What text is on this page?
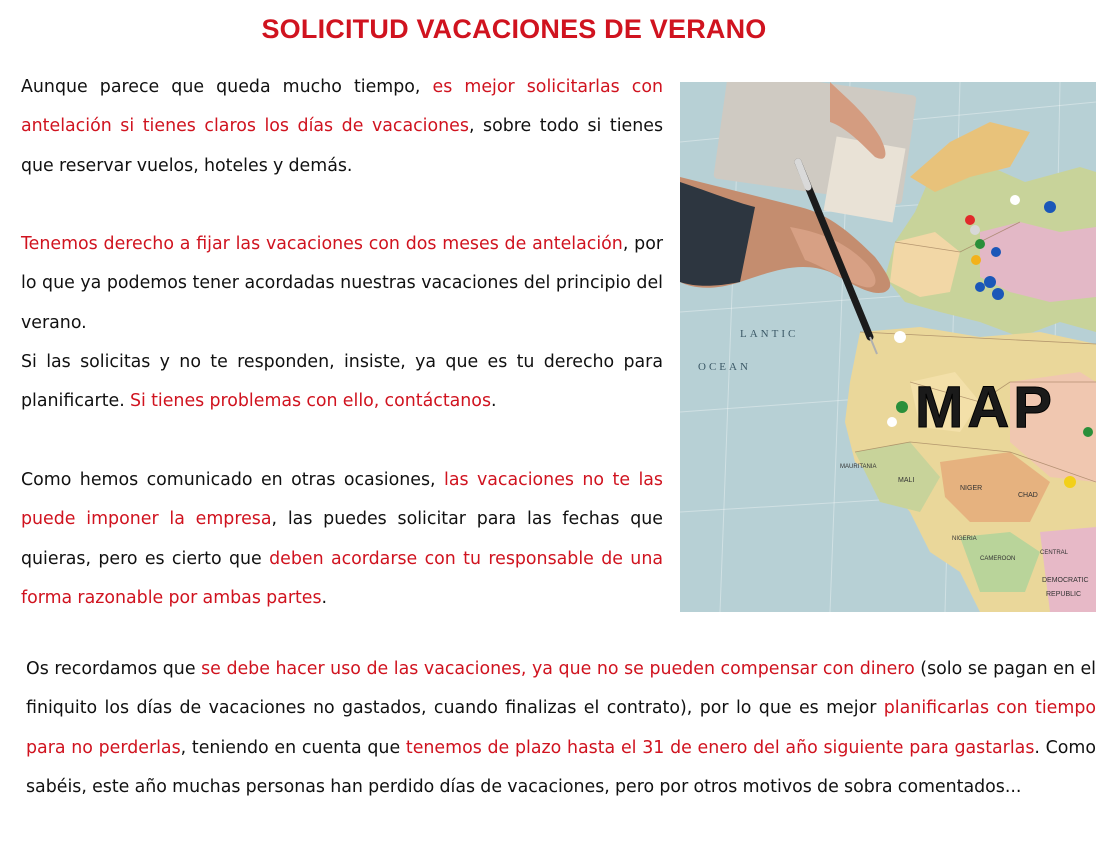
SOLICITUD VACACIONES DE VERANO

Aunque parece que queda mucho tiempo, es mejor solicitarlas con antelación si tienes claros los días de vacaciones, sobre todo si tienes que reservar vuelos, hoteles y demás.

Tenemos derecho a fijar las vacaciones con dos meses de antelación, por lo que ya podemos tener acordadas nuestras vacaciones del principio del verano.

Si las solicitas y no te responden, insiste, ya que es tu derecho para planificarte. Si tienes problemas con ello, contáctanos.

Como hemos comunicado en otras ocasiones, las vacaciones no te las puede imponer la empresa, las puedes solicitar para las fechas que quieras, pero es cierto que deben acordarse con tu responsable de una forma razonable por ambas partes.

MAP
LANTIC
OCEAN
MAURITANIA
MALI
NIGER
CHAD
NIGERIA
CAMEROON
DEMOCRATIC
REPUBLIC
CENTRAL

Os recordamos que se debe hacer uso de las vacaciones, ya que no se pueden compensar con dinero (solo se pagan en el finiquito los días de vacaciones no gastados, cuando finalizas el contrato), por lo que es mejor planificarlas con tiempo para no perderlas, teniendo en cuenta que tenemos de plazo hasta el 31 de enero del año siguiente para gastarlas. Como sabéis, este año muchas personas han perdido días de vacaciones, pero por otros motivos de sobra comentados...
